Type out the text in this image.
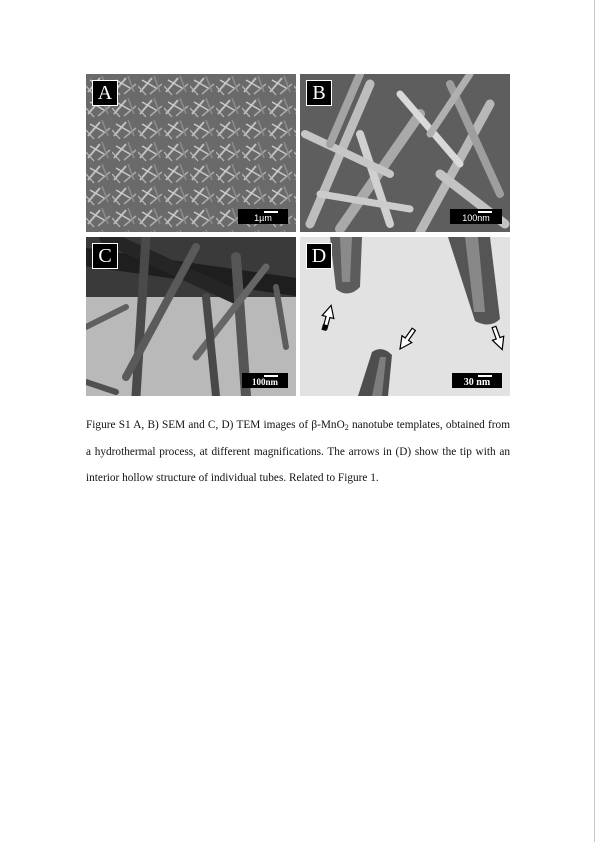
A
1µm
B
100nm
C
100nm
D
30 nm

Figure S1 A, B) SEM and C, D) TEM images of β-MnO$_2$ nanotube templates, obtained from a hydrothermal process, at different magnifications. The arrows in (D) show the tip with an interior hollow structure of individual tubes. Related to Figure 1.
